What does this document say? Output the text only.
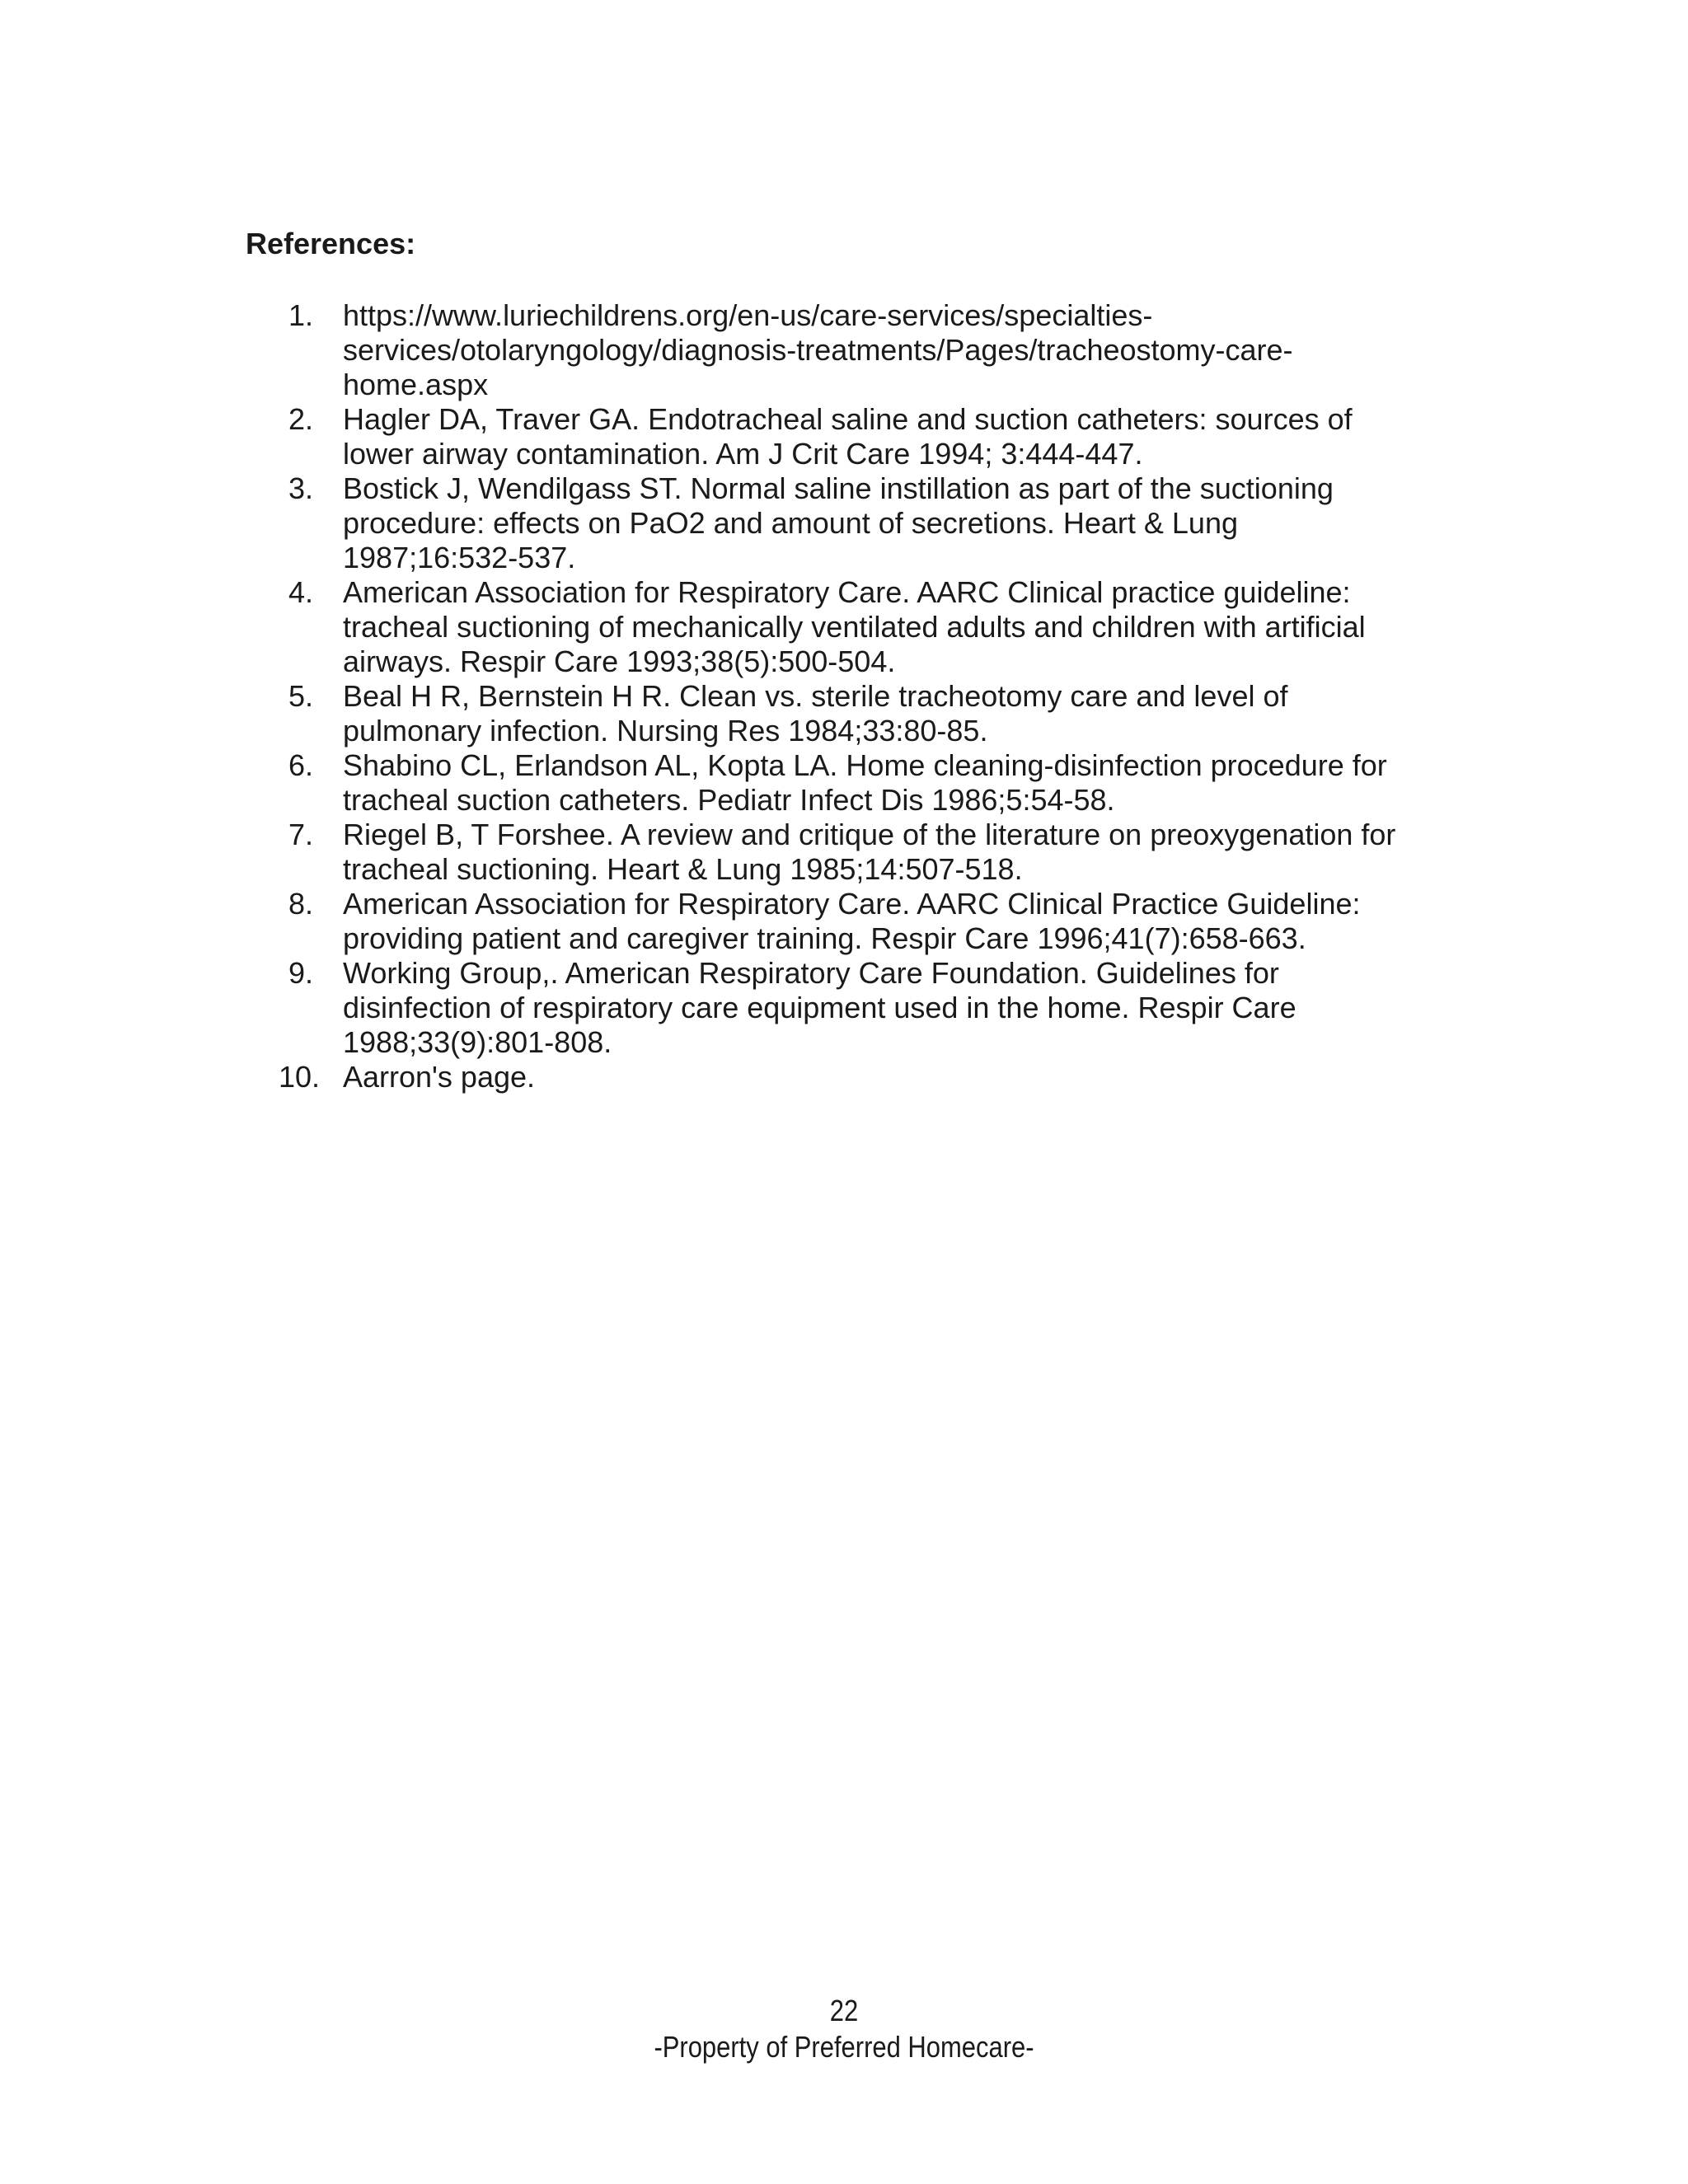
References:
1. https://www.luriechildrens.org/en-us/care-services/specialties-
services/otolaryngology/diagnosis-treatments/Pages/tracheostomy-care-
home.aspx
2. Hagler DA, Traver GA. Endotracheal saline and suction catheters: sources of
lower airway contamination. Am J Crit Care 1994; 3:444-447.
3. Bostick J, Wendilgass ST. Normal saline instillation as part of the suctioning
procedure: effects on PaO2 and amount of secretions. Heart & Lung
1987;16:532-537.
4. American Association for Respiratory Care. AARC Clinical practice guideline:
tracheal suctioning of mechanically ventilated adults and children with artificial
airways. Respir Care 1993;38(5):500-504.
5. Beal H R, Bernstein H R. Clean vs. sterile tracheotomy care and level of
pulmonary infection. Nursing Res 1984;33:80-85.
6. Shabino CL, Erlandson AL, Kopta LA. Home cleaning-disinfection procedure for
tracheal suction catheters. Pediatr Infect Dis 1986;5:54-58.
7. Riegel B, T Forshee. A review and critique of the literature on preoxygenation for
tracheal suctioning. Heart & Lung 1985;14:507-518.
8. American Association for Respiratory Care. AARC Clinical Practice Guideline:
providing patient and caregiver training. Respir Care 1996;41(7):658-663.
9. Working Group,. American Respiratory Care Foundation. Guidelines for
disinfection of respiratory care equipment used in the home. Respir Care
1988;33(9):801-808.
10. Aarron's page.
22
-Property of Preferred Homecare-
